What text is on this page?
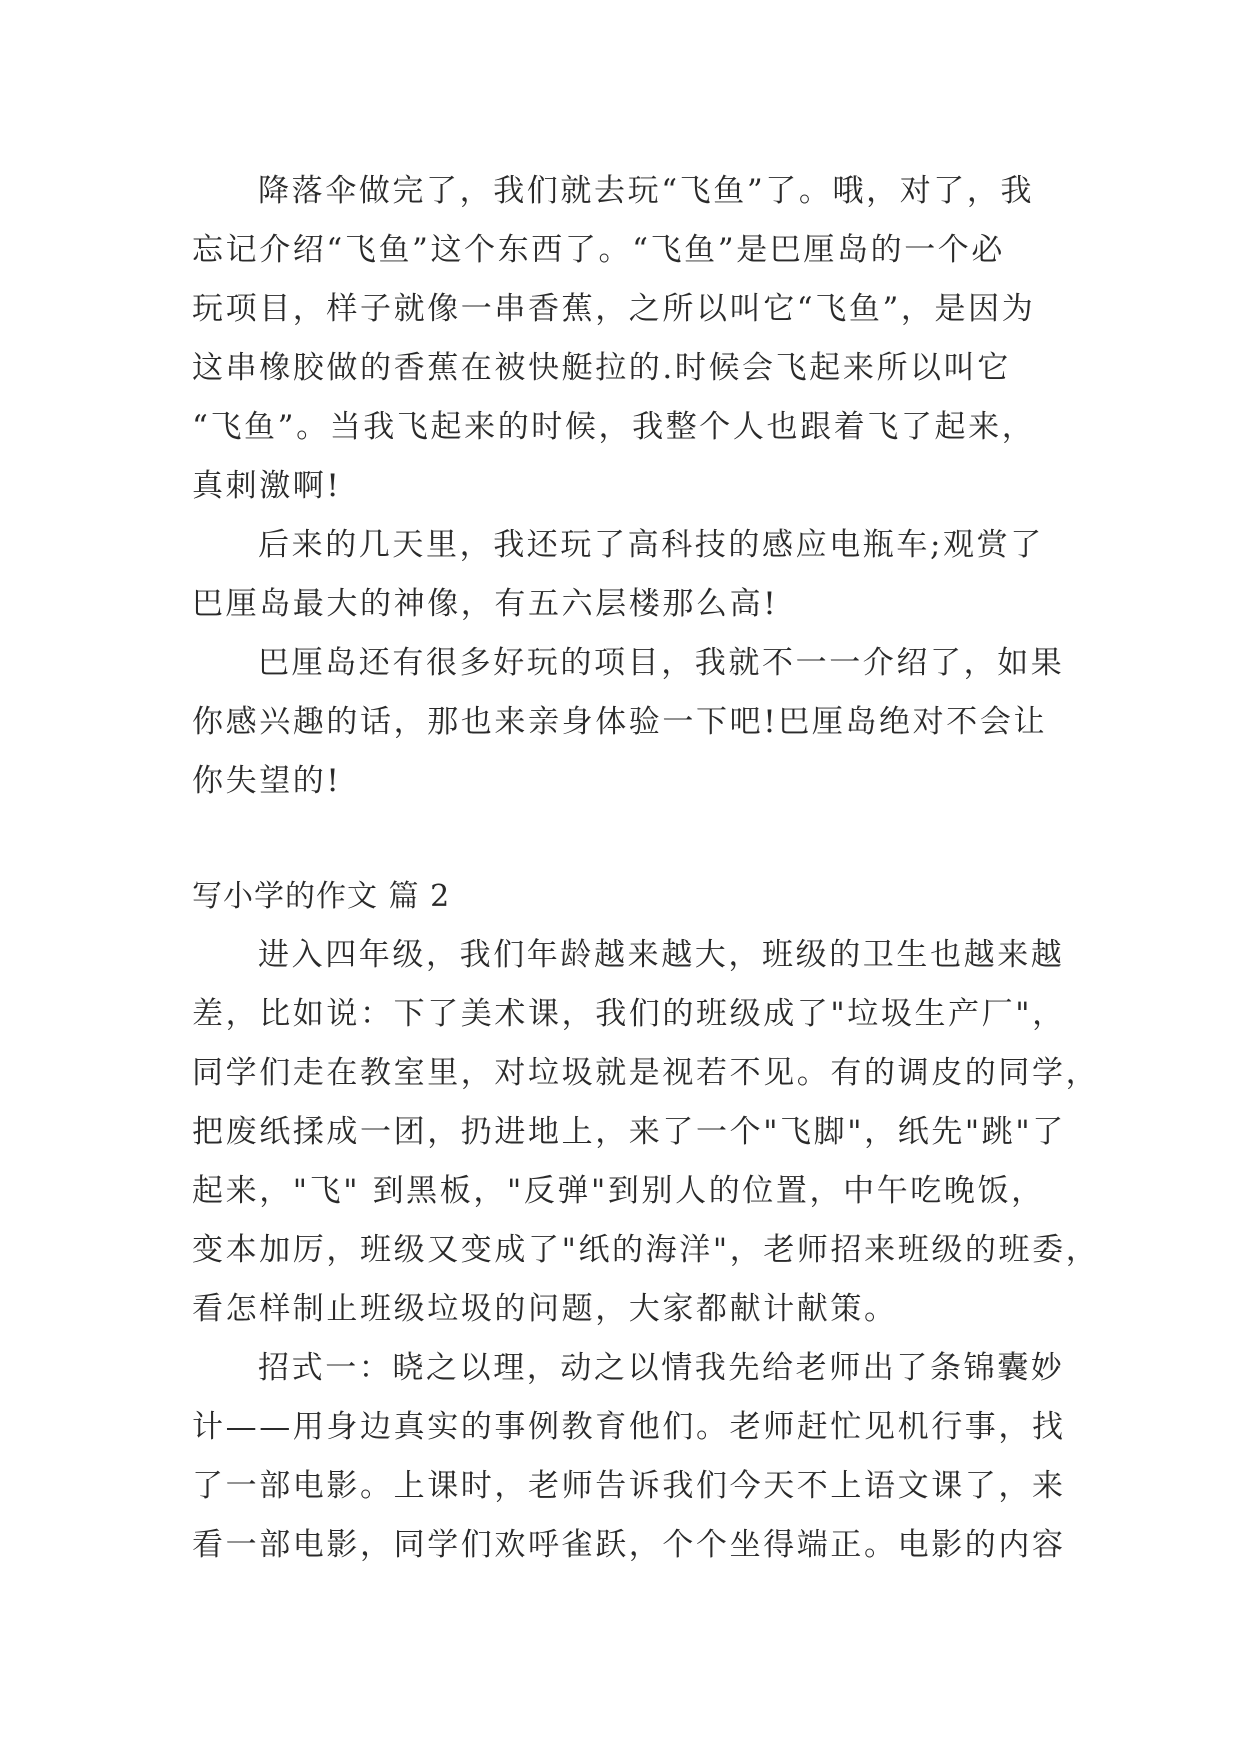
降落伞做完了，我们就去玩“飞鱼”了。哦，对了，我
忘记介绍“飞鱼”这个东西了。“飞鱼”是巴厘岛的一个必
玩项目，样子就像一串香蕉，之所以叫它“飞鱼”，是因为
这串橡胶做的香蕉在被快艇拉的.时候会飞起来所以叫它
“飞鱼”。当我飞起来的时候，我整个人也跟着飞了起来，
真刺激啊!
后来的几天里，我还玩了高科技的感应电瓶车;观赏了
巴厘岛最大的神像，有五六层楼那么高!
巴厘岛还有很多好玩的项目，我就不一一介绍了，如果
你感兴趣的话，那也来亲身体验一下吧!巴厘岛绝对不会让
你失望的!
写小学的作文 篇 2
进入四年级，我们年龄越来越大，班级的卫生也越来越
差，比如说：下了美术课，我们的班级成了"垃圾生产厂"，
同学们走在教室里，对垃圾就是视若不见。有的调皮的同学，
把废纸揉成一团，扔进地上，来了一个"飞脚"，纸先"跳"了
起来，"飞" 到黑板，"反弹"到别人的位置，中午吃晚饭，
变本加厉，班级又变成了"纸的海洋"，老师招来班级的班委，
看怎样制止班级垃圾的问题，大家都献计献策。
招式一：晓之以理，动之以情我先给老师出了条锦囊妙
计——用身边真实的事例教育他们。老师赶忙见机行事，找
了一部电影。上课时，老师告诉我们今天不上语文课了，来
看一部电影，同学们欢呼雀跃，个个坐得端正。电影的内容
